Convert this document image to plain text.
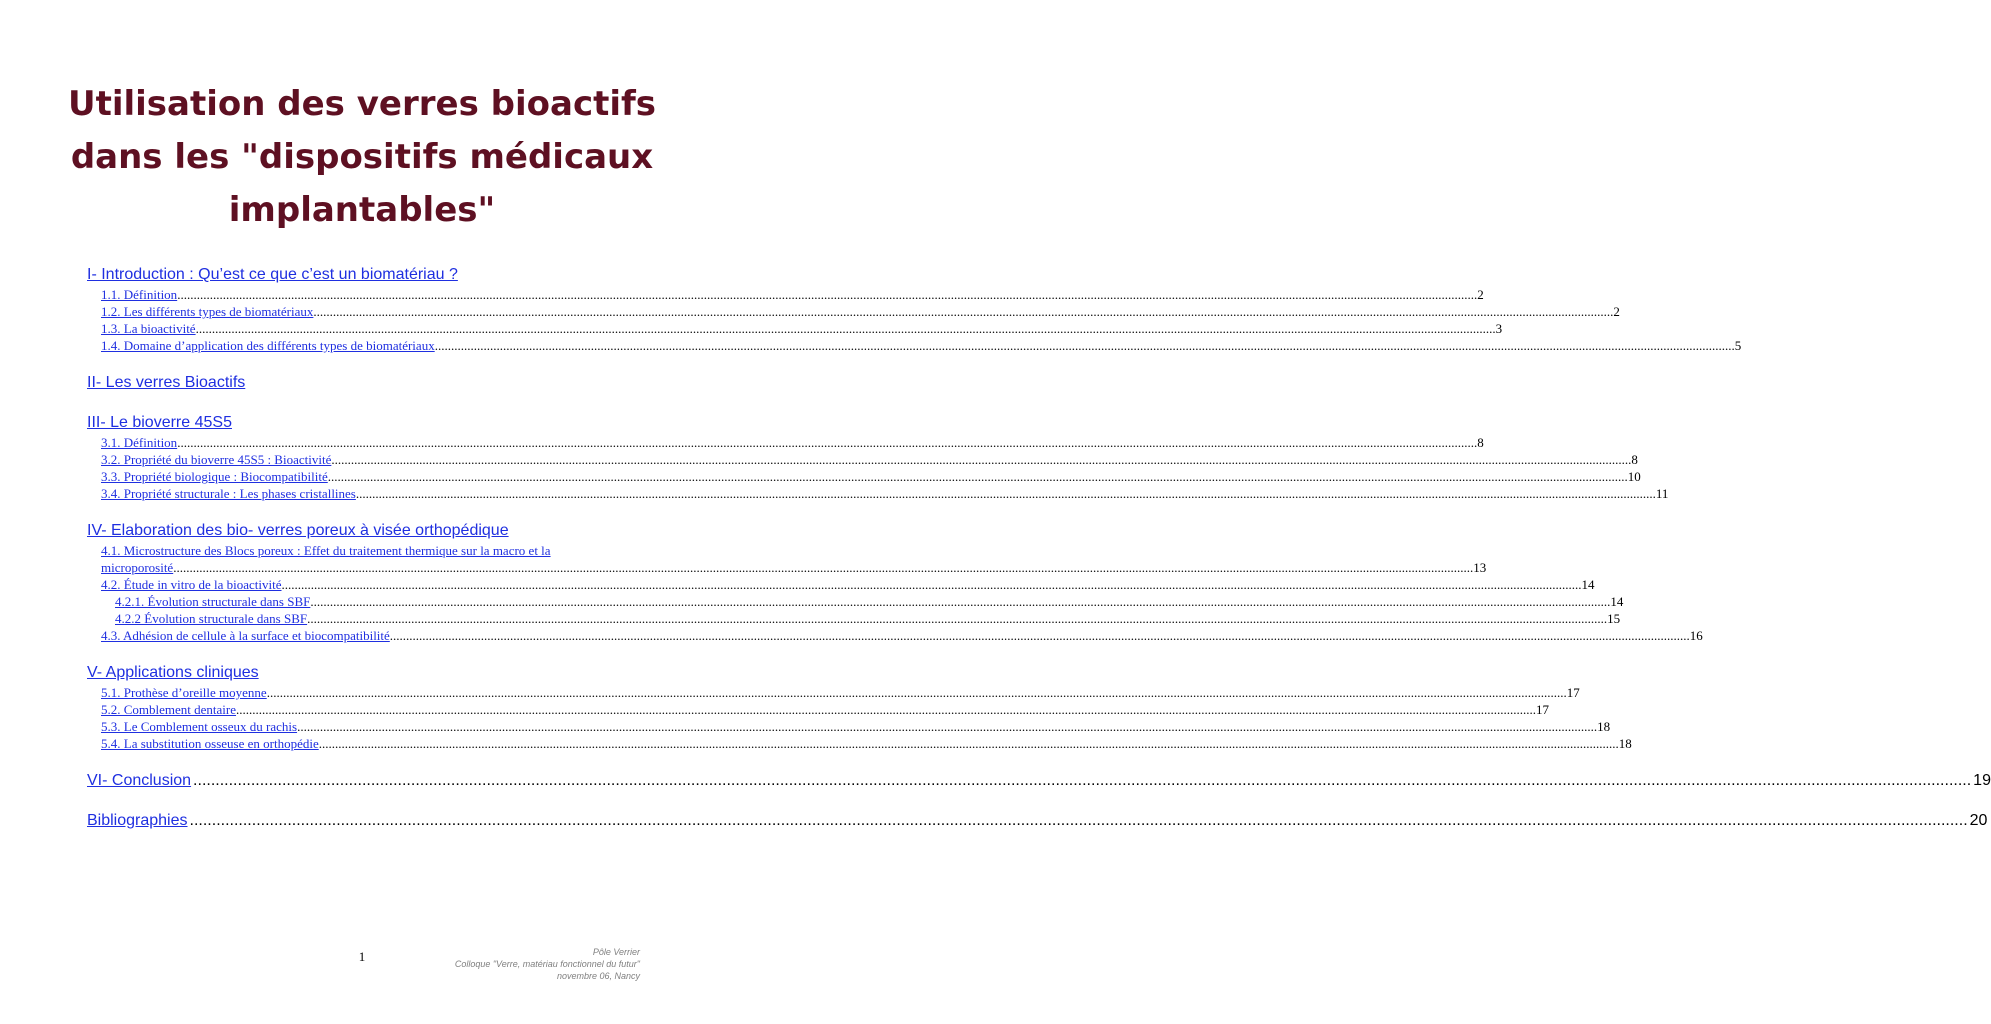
Utilisation des verres bioactifs
dans les "dispositifs médicaux
implantables"
I- Introduction : Qu’est ce que c’est un biomatériau ?
1.1. Définition ................................................................................................................................................................................................................................................................................................................................................................................................................ 2
1.2. Les différents types de biomatériaux ................................................................................................................................................................................................................................................................................................................................................................................................................ 2
1.3. La bioactivité ................................................................................................................................................................................................................................................................................................................................................................................................................ 3
1.4. Domaine d’application des différents types de biomatériaux ................................................................................................................................................................................................................................................................................................................................................................................................................ 5
II- Les verres Bioactifs
III- Le bioverre 45S5
3.1. Définition ................................................................................................................................................................................................................................................................................................................................................................................................................ 8
3.2. Propriété du bioverre 45S5 : Bioactivité ................................................................................................................................................................................................................................................................................................................................................................................................................ 8
3.3. Propriété biologique : Biocompatibilité ................................................................................................................................................................................................................................................................................................................................................................................................................ 10
3.4. Propriété structurale : Les phases cristallines ................................................................................................................................................................................................................................................................................................................................................................................................................ 11
IV- Elaboration des bio- verres poreux à visée orthopédique
4.1. Microstructure des Blocs poreux : Effet du traitement thermique sur la macro et la
microporosité ................................................................................................................................................................................................................................................................................................................................................................................................................ 13
4.2. Étude in vitro de la bioactivité ................................................................................................................................................................................................................................................................................................................................................................................................................ 14
4.2.1. Évolution structurale dans SBF ................................................................................................................................................................................................................................................................................................................................................................................................................ 14
4.2.2 Évolution structurale dans SBF ................................................................................................................................................................................................................................................................................................................................................................................................................ 15
4.3. Adhésion de cellule à la surface et biocompatibilité ................................................................................................................................................................................................................................................................................................................................................................................................................ 16
V- Applications cliniques
5.1. Prothèse d’oreille moyenne ................................................................................................................................................................................................................................................................................................................................................................................................................ 17
5.2. Comblement dentaire ................................................................................................................................................................................................................................................................................................................................................................................................................ 17
5.3. Le Comblement osseux du rachis ................................................................................................................................................................................................................................................................................................................................................................................................................ 18
5.4. La substitution osseuse en orthopédie ................................................................................................................................................................................................................................................................................................................................................................................................................ 18
VI- Conclusion ................................................................................................................................................................................................................................................................................................................................................................................................................ 19
Bibliographies ................................................................................................................................................................................................................................................................................................................................................................................................................ 20
1	Pôle Verrier
Colloque "Verre, matériau fonctionnel du futur"
novembre 06, Nancy
